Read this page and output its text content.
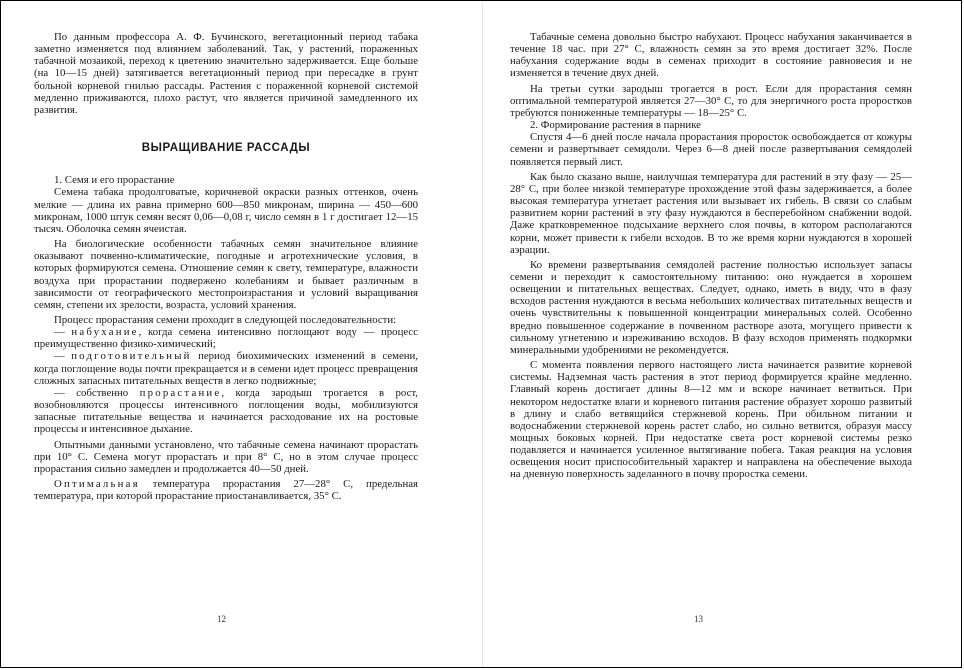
По данным профессора А. Ф. Бучинского, вегетационный период табака заметно изменяется под влиянием заболеваний. Так, у растений, пораженных табачной мозаикой, переход к цветению значительно задерживается. Еще больше (на 10—15 дней) затягивается вегетационный период при пересадке в грунт больной корневой гнилью рассады. Растения с пораженной корневой системой медленно приживаются, плохо растут, что является причиной замедленного их развития.

ВЫРАЩИВАНИЕ РАССАДЫ

1. Семя и его прорастание

Семена табака продолговатые, коричневой окраски разных оттенков, очень мелкие — длина их равна примерно 600—850 микронам, ширина — 450—600 микронам, 1000 штук семян весят 0,06—0,08 г, число семян в 1 г достигает 12—15 тысяч. Оболочка семян ячеистая.

На биологические особенности табачных семян значительное влияние оказывают почвенно-климатические, погодные и агротехнические условия, в которых формируются семена. Отношение семян к свету, температуре, влажности воздуха при прорастании подвержено колебаниям и бывает различным в зависимости от географического местопроизрастания и условий выращивания семян, степени их зрелости, возраста, условий хранения.

Процесс прорастания семени проходит в следующей последовательности:

— набухание, когда семена интенсивно поглощают воду — процесс преимущественно физико-химический;

— подготовительный период биохимических изменений в семени, когда поглощение воды почти прекращается и в семени идет процесс превращения сложных запасных питательных веществ в легко подвижные;

— собственно прорастание, когда зародыш трогается в рост, возобновляются процессы интенсивного поглощения воды, мобилизуются запасные питательные вещества и начинается расходование их на ростовые процессы и интенсивное дыхание.

Опытными данными установлено, что табачные семена начинают прорастать при 10° С. Семена могут прорастать и при 8° С, но в этом случае процесс прорастания сильно замедлен и продолжается 40—50 дней.

Оптимальная температура прорастания 27—28° С, предельная температура, при которой прорастание приостанавливается, 35° С.

12

Табачные семена довольно быстро набухают. Процесс набухания заканчивается в течение 18 час. при 27° С, влажность семян за это время достигает 32%. После набухания содержание воды в семенах приходит в состояние равновесия и не изменяется в течение двух дней.

На третьи сутки зародыш трогается в рост. Если для прорастания семян оптимальной температурой является 27—30° С, то для энергичного роста проростков требуются пониженные температуры — 18—25° С.

2. Формирование растения в парнике

Спустя 4—6 дней после начала прорастания проросток освобождается от кожуры семени и развертывает семядоли. Через 6—8 дней после развертывания семядолей появляется первый лист.

Как было сказано выше, наилучшая температура для растений в эту фазу — 25—28° С, при более низкой температуре прохождение этой фазы задерживается, а более высокая температура угнетает растения или вызывает их гибель. В связи со слабым развитием корни растений в эту фазу нуждаются в бесперебойном снабжении водой. Даже кратковременное подсыхание верхнего слоя почвы, в котором располагаются корни, может привести к гибели всходов. В то же время корни нуждаются в хорошей аэрации.

Ко времени развертывания семядолей растение полностью использует запасы семени и переходит к самостоятельному питанию: оно нуждается в хорошем освещении и питательных веществах. Следует, однако, иметь в виду, что в фазу всходов растения нуждаются в весьма небольших количествах питательных веществ и очень чувствительны к повышенной концентрации минеральных солей. Особенно вредно повышенное содержание в почвенном растворе азота, могущего привести к сильному угнетению и изреживанию всходов. В фазу всходов применять подкормки минеральными удобрениями не рекомендуется.

С момента появления первого настоящего листа начинается развитие корневой системы. Надземная часть растения в этот период формируется крайне медленно. Главный корень достигает длины 8—12 мм и вскоре начинает ветвиться. При некотором недостатке влаги и корневого питания растение образует хорошо развитый в длину и слабо ветвящийся стержневой корень. При обильном питании и водоснабжении стержневой корень растет слабо, но сильно ветвится, образуя массу мощных боковых корней. При недостатке света рост корневой системы резко подавляется и начинается усиленное вытягивание побега. Такая реакция на условия освещения носит приспособительный характер и направлена на обеспечение выхода на дневную поверхность заделанного в почву проростка семени.

13
